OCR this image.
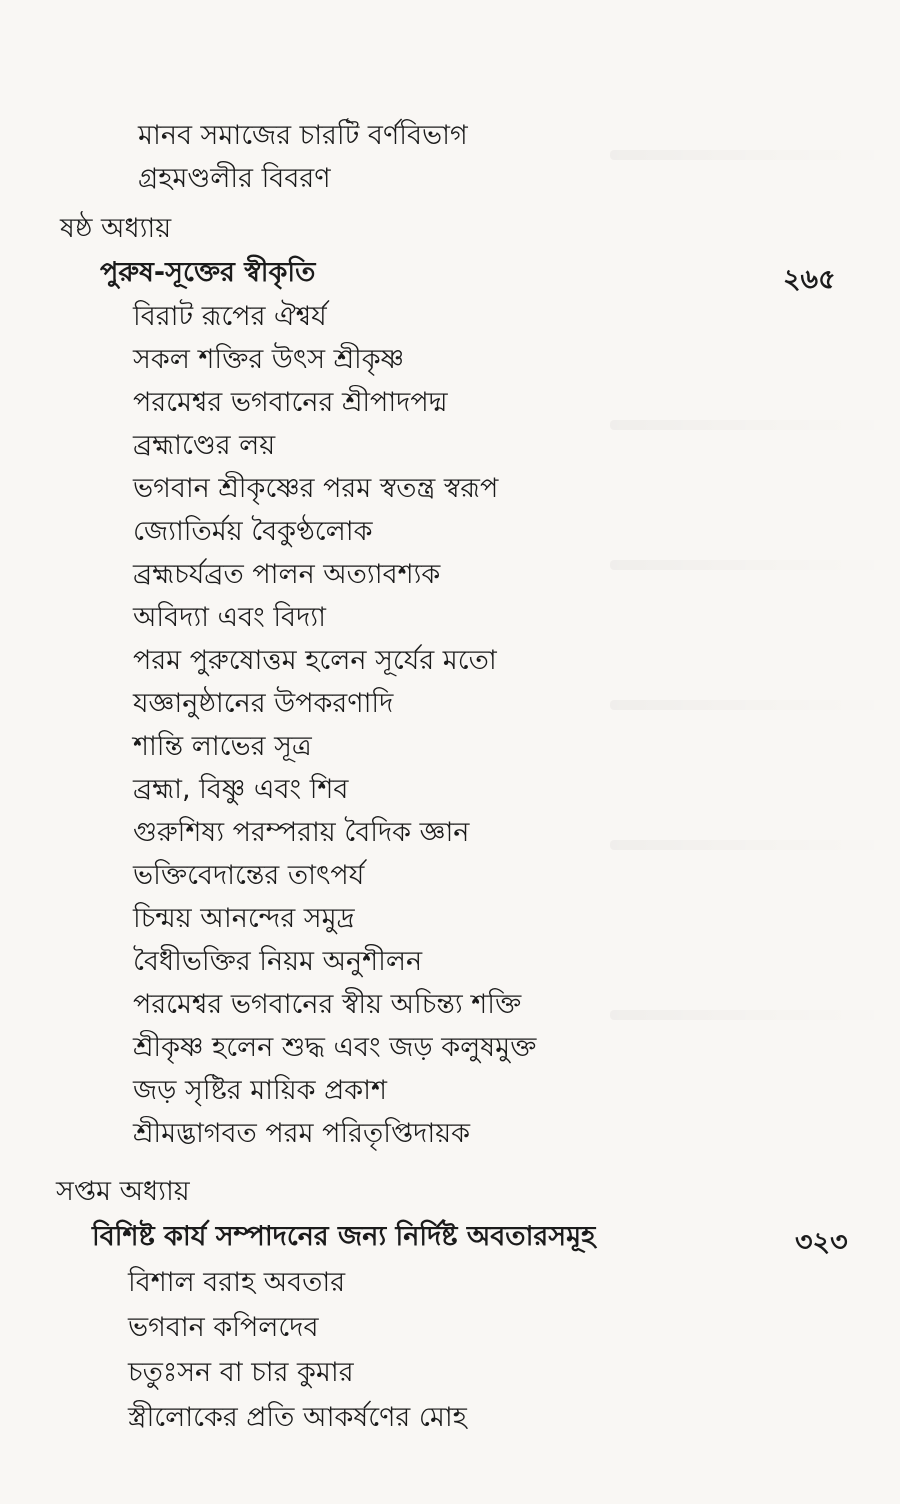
মানব সমাজের চারটি বর্ণবিভাগ
গ্রহমণ্ডলীর বিবরণ
ষষ্ঠ অধ্যায়
পুরুষ-সূক্তের স্বীকৃতি	২৬৫
বিরাট রূপের ঐশ্বর্য
সকল শক্তির উৎস শ্রীকৃষ্ণ
পরমেশ্বর ভগবানের শ্রীপাদপদ্ম
ব্রহ্মাণ্ডের লয়
ভগবান শ্রীকৃষ্ণের পরম স্বতন্ত্র স্বরূপ
জ্যোতির্ময় বৈকুণ্ঠলোক
ব্রহ্মচর্যব্রত পালন অত্যাবশ্যক
অবিদ্যা এবং বিদ্যা
পরম পুরুষোত্তম হলেন সূর্যের মতো
যজ্ঞানুষ্ঠানের উপকরণাদি
শান্তি লাভের সূত্র
ব্রহ্মা, বিষ্ণু এবং শিব
গুরুশিষ্য পরম্পরায় বৈদিক জ্ঞান
ভক্তিবেদান্তের তাৎপর্য
চিন্ময় আনন্দের সমুদ্র
বৈধীভক্তির নিয়ম অনুশীলন
পরমেশ্বর ভগবানের স্বীয় অচিন্ত্য শক্তি
শ্রীকৃষ্ণ হলেন শুদ্ধ এবং জড় কলুষমুক্ত
জড় সৃষ্টির মায়িক প্রকাশ
শ্রীমদ্ভাগবত পরম পরিতৃপ্তিদায়ক
সপ্তম অধ্যায়
বিশিষ্ট কার্য সম্পাদনের জন্য নির্দিষ্ট অবতারসমূহ	৩২৩
বিশাল বরাহ অবতার
ভগবান কপিলদেব
চতুঃসন বা চার কুমার
স্ত্রীলোকের প্রতি আকর্ষণের মোহ
